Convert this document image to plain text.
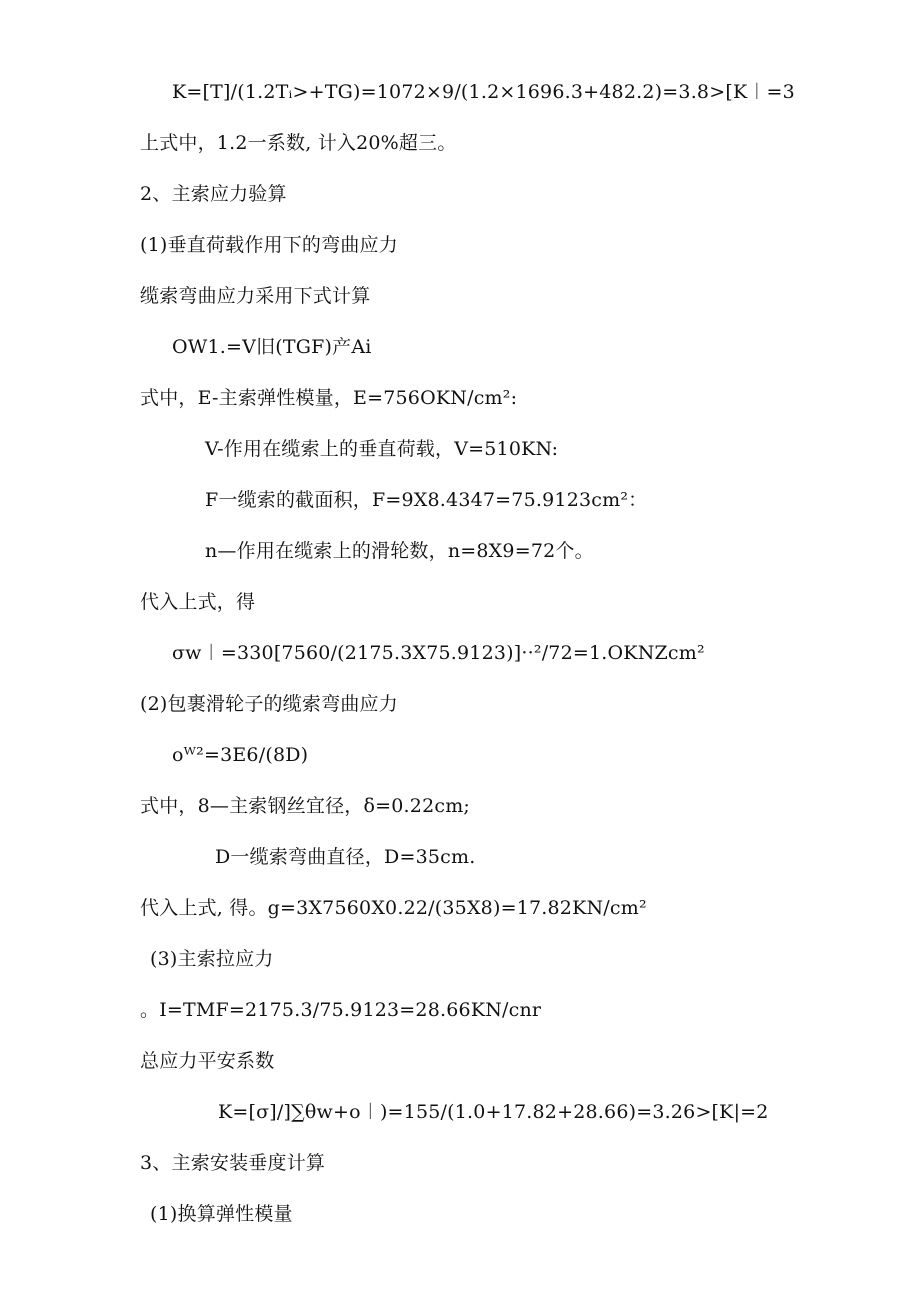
K=[T]∕(1.2Tᵢ>+TG)=1072×9∕(1.2×1696.3+482.2)=3.8>[K︱=3
上式中，1.2一系数, 计入20%超三。
2、主索应力验算
(1)垂直荷载作用下的弯曲应力
缆索弯曲应力采用下式计算
OW1.=V旧(TGF)产Ai
式中，E-主索弹性模量，E=756OKN∕cm²:
V-作用在缆索上的垂直荷载，V=510KN:
F一缆索的截面积，F=9X8.4347=75.9123cm²：
n—作用在缆索上的滑轮数，n=8X9=72个。
代入上式，得
σw︱=330[7560/(2175.3X75.9123)]··²∕72=1.OKNZcm²
(2)包裹滑轮子的缆索弯曲应力
oᵂ²=3E6/(8D)
式中，8—主索钢丝宜径，δ=0.22cm;
D一缆索弯曲直径，D=35cm.
代入上式, 得。g=3X7560X0.22/(35X8)=17.82KN∕cm²
(3)主索拉应力
。I=TMF=2175.3/75.9123=28.66KN∕cnr
总应力平安系数
K=[σ]/]∑θw+o︱)=155/(1.0+17.82+28.66)=3.26>[K|=2
3、主索安装垂度计算
(1)换算弹性模量
